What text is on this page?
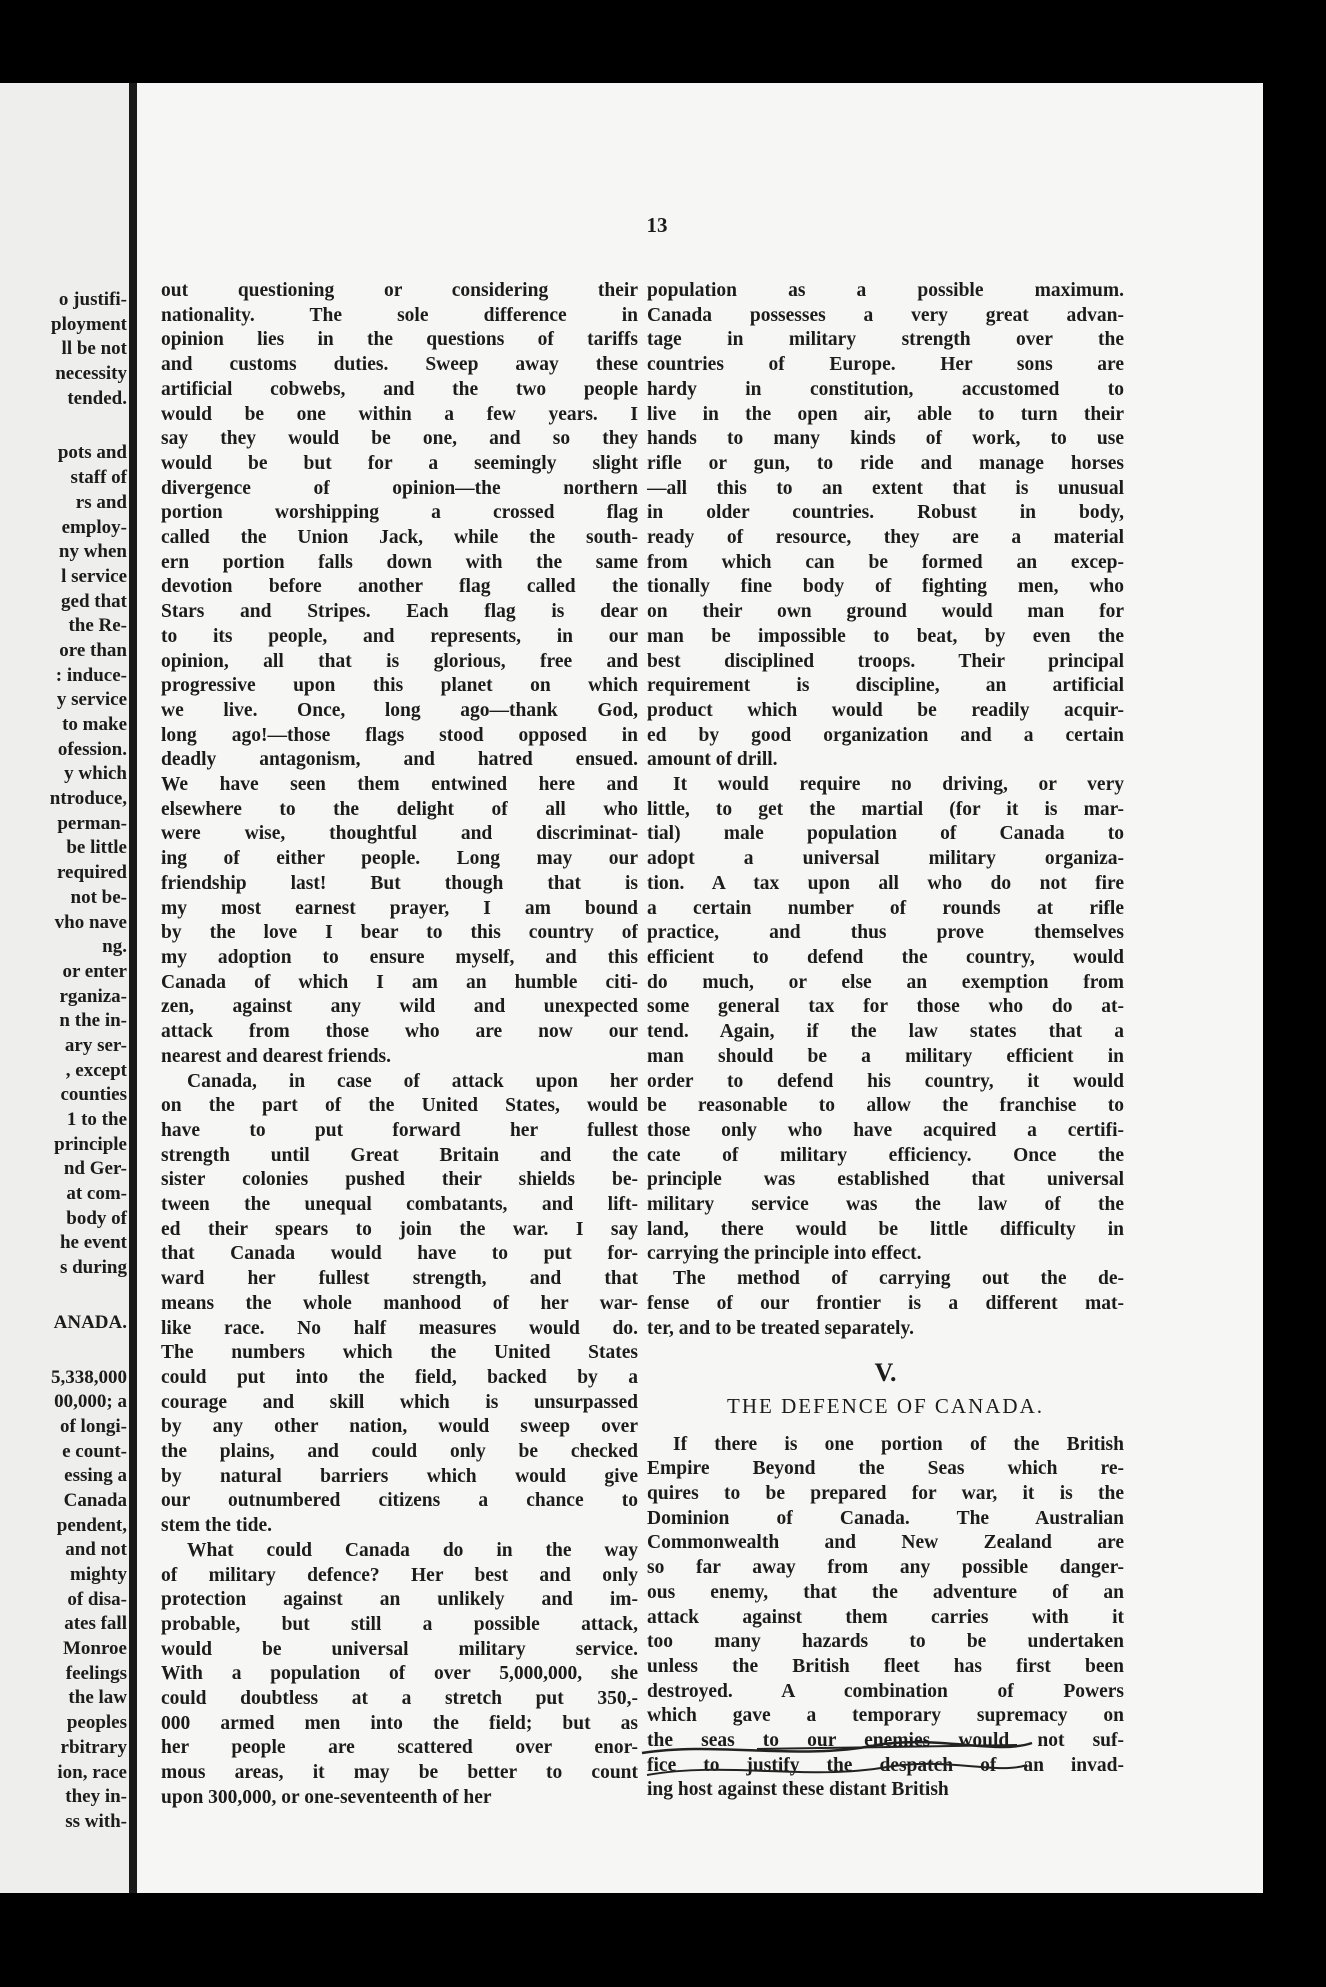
o justifi-
ployment
ll be not
necessity
tended.
pots and
staff of
rs and
employ-
ny when
l service
ged that
the Re-
ore than
: induce-
y service
to make
ofession.
y which
ntroduce,
perman-
be little
required
not be-
vho nave
ng.
or enter
rganiza-
n the in-
ary ser-
, except
counties
1 to the
principle
nd Ger-
at com-
body of
he event
s during
ANADA.
5,338,000
00,000; a
of longi-
e count-
essing a
Canada
pendent,
and not
mighty
of disa-
ates fall
Monroe
feelings
the law
peoples
rbitrary
ion, race
they in-
ss with-
13
out questioning or considering their
nationality. The sole difference in
opinion lies in the questions of tariffs
and customs duties. Sweep away these
artificial cobwebs, and the two people
would be one within a few years. I
say they would be one, and so they
would be but for a seemingly slight
divergence of opinion—the northern
portion worshipping a crossed flag
called the Union Jack, while the south-
ern portion falls down with the same
devotion before another flag called the
Stars and Stripes. Each flag is dear
to its people, and represents, in our
opinion, all that is glorious, free and
progressive upon this planet on which
we live. Once, long ago—thank God,
long ago!—those flags stood opposed in
deadly antagonism, and hatred ensued.
We have seen them entwined here and
elsewhere to the delight of all who
were wise, thoughtful and discriminat-
ing of either people. Long may our
friendship last! But though that is
my most earnest prayer, I am bound
by the love I bear to this country of
my adoption to ensure myself, and this
Canada of which I am an humble citi-
zen, against any wild and unexpected
attack from those who are now our
nearest and dearest friends.
Canada, in case of attack upon her
on the part of the United States, would
have to put forward her fullest
strength until Great Britain and the
sister colonies pushed their shields be-
tween the unequal combatants, and lift-
ed their spears to join the war. I say
that Canada would have to put for-
ward her fullest strength, and that
means the whole manhood of her war-
like race. No half measures would do.
The numbers which the United States
could put into the field, backed by a
courage and skill which is unsurpassed
by any other nation, would sweep over
the plains, and could only be checked
by natural barriers which would give
our outnumbered citizens a chance to
stem the tide.
What could Canada do in the way
of military defence? Her best and only
protection against an unlikely and im-
probable, but still a possible attack,
would be universal military service.
With a population of over 5,000,000, she
could doubtless at a stretch put 350,-
000 armed men into the field; but as
her people are scattered over enor-
mous areas, it may be better to count
upon 300,000, or one-seventeenth of her
population as a possible maximum.
Canada possesses a very great advan-
tage in military strength over the
countries of Europe. Her sons are
hardy in constitution, accustomed to
live in the open air, able to turn their
hands to many kinds of work, to use
rifle or gun, to ride and manage horses
—all this to an extent that is unusual
in older countries. Robust in body,
ready of resource, they are a material
from which can be formed an excep-
tionally fine body of fighting men, who
on their own ground would man for
man be impossible to beat, by even the
best disciplined troops. Their principal
requirement is discipline, an artificial
product which would be readily acquir-
ed by good organization and a certain
amount of drill.
It would require no driving, or very
little, to get the martial (for it is mar-
tial) male population of Canada to
adopt a universal military organiza-
tion. A tax upon all who do not fire
a certain number of rounds at rifle
practice, and thus prove themselves
efficient to defend the country, would
do much, or else an exemption from
some general tax for those who do at-
tend. Again, if the law states that a
man should be a military efficient in
order to defend his country, it would
be reasonable to allow the franchise to
those only who have acquired a certifi-
cate of military efficiency. Once the
principle was established that universal
military service was the law of the
land, there would be little difficulty in
carrying the principle into effect.
The method of carrying out the de-
fense of our frontier is a different mat-
ter, and to be treated separately.
V.
THE DEFENCE OF CANADA.
If there is one portion of the British
Empire Beyond the Seas which re-
quires to be prepared for war, it is the
Dominion of Canada. The Australian
Commonwealth and New Zealand are
so far away from any possible danger-
ous enemy, that the adventure of an
attack against them carries with it
too many hazards to be undertaken
unless the British fleet has first been
destroyed. A combination of Powers
which gave a temporary supremacy on
the seas to our enemies would not suf-
fice to justify the despatch of an invad-
ing host against these distant British
